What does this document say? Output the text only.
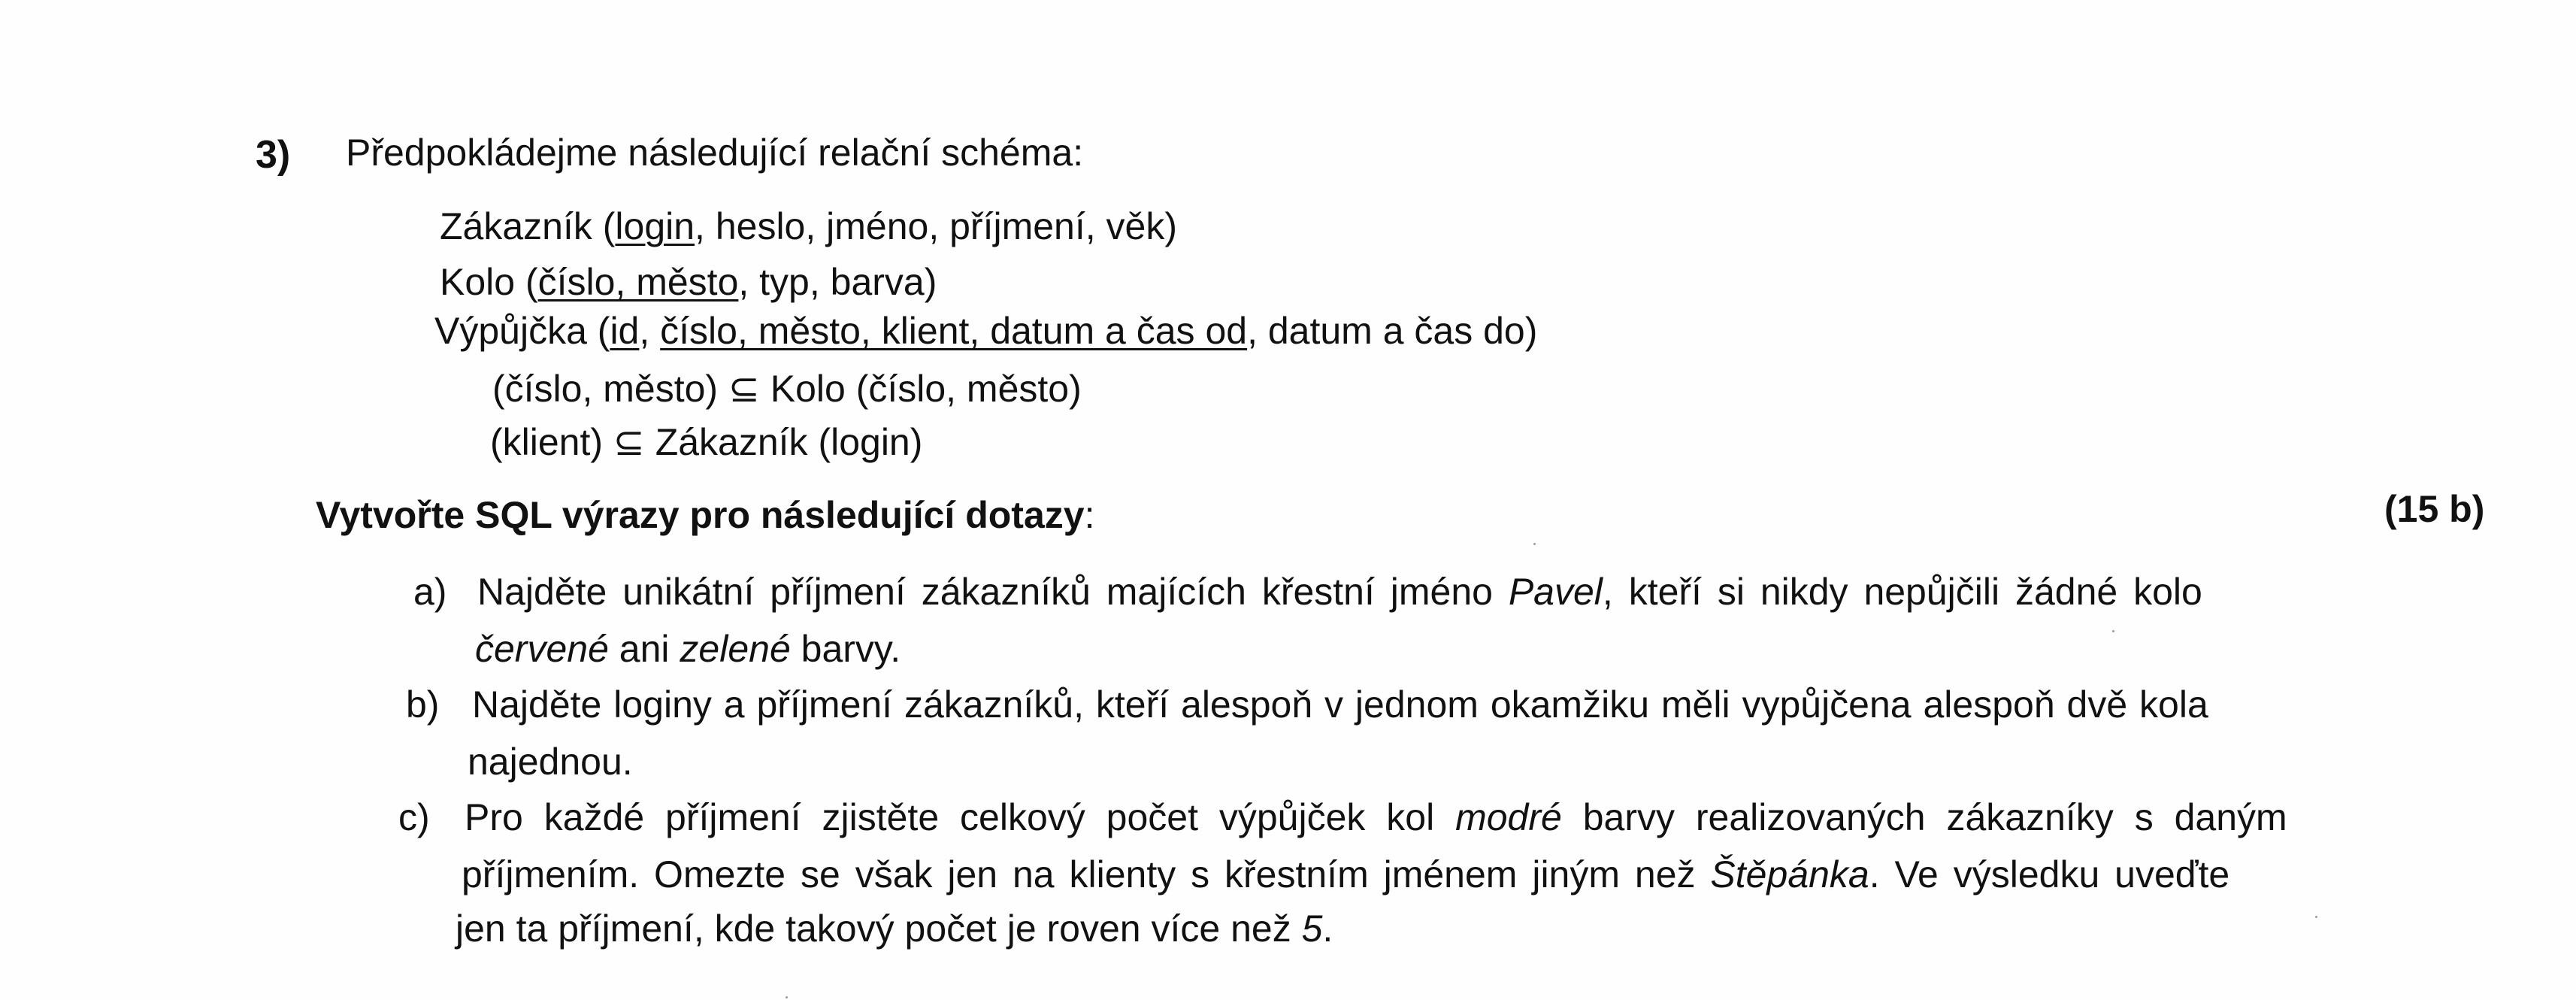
3) Předpokládejme následující relační schéma:
Zákazník (login, heslo, jméno, příjmení, věk)
Kolo (číslo, město, typ, barva)
Výpůjčka (id, číslo, město, klient, datum a čas od, datum a čas do)
(číslo, město) ⊆ Kolo (číslo, město)
(klient) ⊆ Zákazník (login)
Vytvořte SQL výrazy pro následující dotazy:	(15 b)
a) Najděte unikátní příjmení zákazníků majících křestní jméno Pavel, kteří si nikdy nepůjčili žádné kolo
červené ani zelené barvy.
b) Najděte loginy a příjmení zákazníků, kteří alespoň v jednom okamžiku měli vypůjčena alespoň dvě kola
najednou.
c) Pro každé příjmení zjistěte celkový počet výpůjček kol modré barvy realizovaných zákazníky s daným
příjmením. Omezte se však jen na klienty s křestním jménem jiným než Štěpánka. Ve výsledku uveďte
jen ta příjmení, kde takový počet je roven více než 5.
